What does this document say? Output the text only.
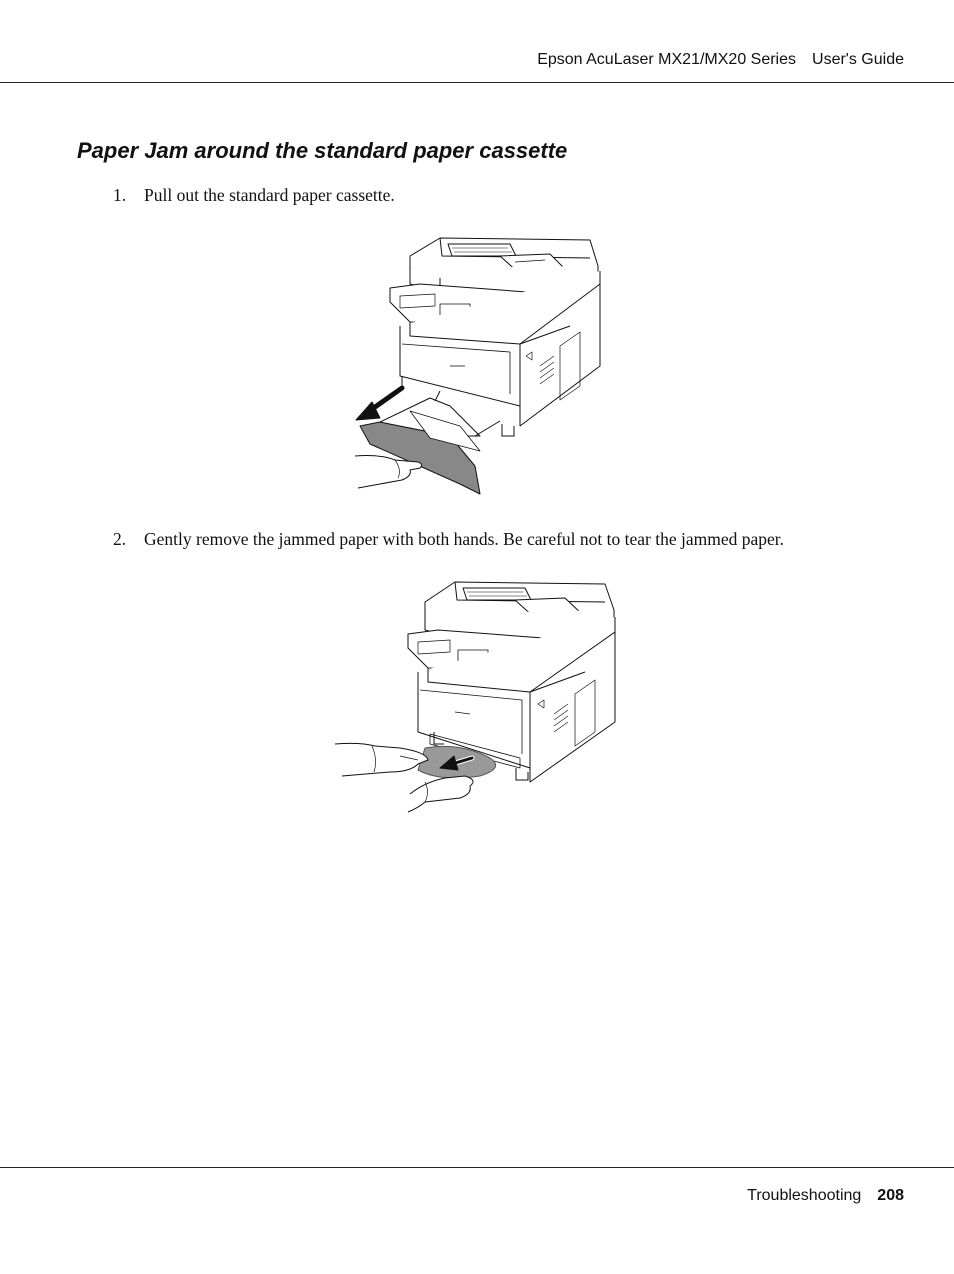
Epson AcuLaser MX21/MX20 Series User's Guide
Paper Jam around the standard paper cassette
1. Pull out the standard paper cassette.
2. Gently remove the jammed paper with both hands. Be careful not to tear the jammed paper.
Troubleshooting 208
